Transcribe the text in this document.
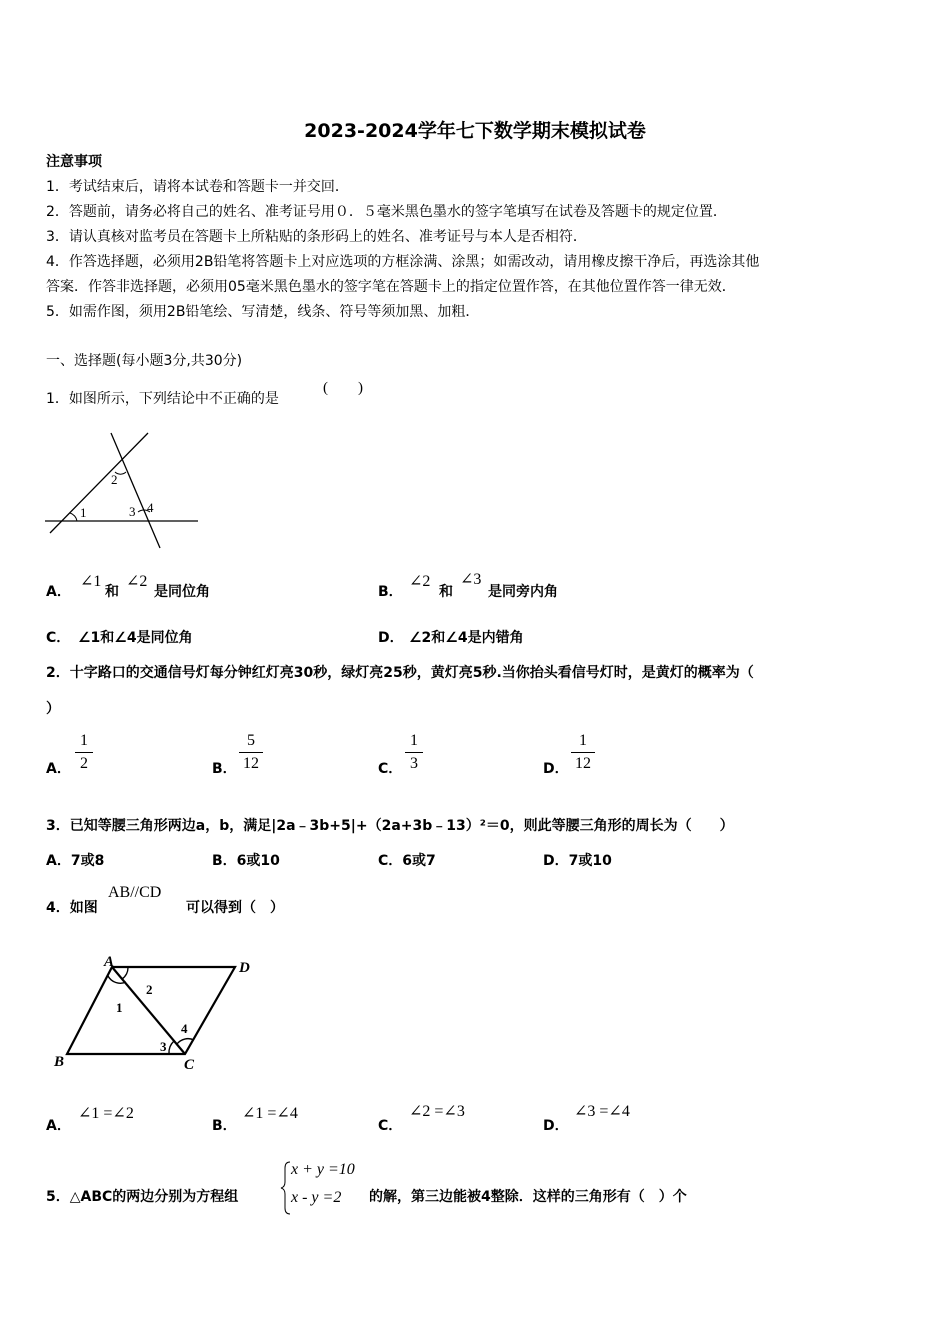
2023-2024学年七下数学期末模拟试卷
注意事项
1．考试结束后，请将本试卷和答题卡一并交回．
2．答题前，请务必将自己的姓名、准考证号用０．５毫米黑色墨水的签字笔填写在试卷及答题卡的规定位置．
3．请认真核对监考员在答题卡上所粘贴的条形码上的姓名、准考证号与本人是否相符．
4．作答选择题，必须用2B铅笔将答题卡上对应选项的方框涂满、涂黑；如需改动，请用橡皮擦干净后，再选涂其他
答案．作答非选择题，必须用05毫米黑色墨水的签字笔在答题卡上的指定位置作答，在其他位置作答一律无效．
5．如需作图，须用2B铅笔绘、写清楚，线条、符号等须加黑、加粗．
一、选择题(每小题3分,共30分)
1．如图所示，下列结论中不正确的是
(　　)
1
2
3 4
A．
∠1
和
∠2
是同位角	B．
∠2
和
∠3
是同旁内角
C． ∠1和∠4是同位角	D． ∠2和∠4是内错角
2．十字路口的交通信号灯每分钟红灯亮30秒，绿灯亮25秒，黄灯亮5秒.当你抬头看信号灯时，是黄灯的概率为（
）
A．
1
2	B．
5
12	C．
1
3	D．
1
12
3．已知等腰三角形两边a，b，满足|2a﹣3b+5|+（2a+3b﹣13）²＝0，则此等腰三角形的周长为（　　）
A．7或8	B．6或10	C．6或7	D．7或10
4．如图
AB//CD
可以得到（　）
A	D
B	C
1
2
3
4
A．
∠1 =∠2
B．
∠1 =∠4
C．
∠2 =∠3
D．
∠3 =∠4
5．△ABC的两边分别为方程组
x + y =10
x - y =2 的解，第三边能被4整除．这样的三角形有（　）个
